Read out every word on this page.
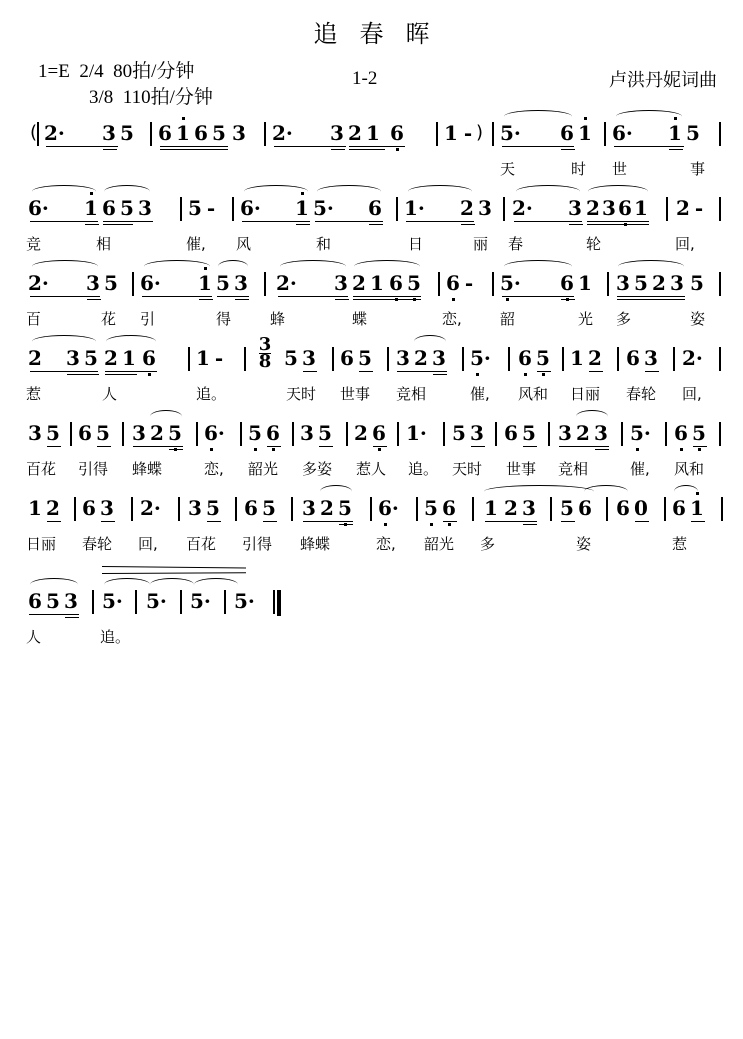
追春晖
1=E  2/4  80拍/分钟
3/8  110拍/分钟
1-2	卢洪丹妮词曲
( 2· 3 5 6 1 6 5 3 2· 3 2 1 6 1 - ) 5· 6 1 6· 1 5
天	时 世	事
6· 1 6 5 3 5 - 6· 1 5· 6 1· 2 3 2· 3 2 3 6 1 2 -
竞	相	催, 风	和	日	丽 春	轮	回,
2· 3 5 6· 1 5 3 2· 3 2 1 6 5 6 - 5· 6 1 3 5 2 3 5
百	花 引	得	蜂	蝶	恋,	韶	光 多	姿
2 3 5 2 1 6 1 -
3
8 5 3 6 5 3 2 3 5· 6 5 1 2 6 3 2·
惹	人	追。	天时 世事 竞相	催, 风和 日丽 春轮 回,
3 5 6 5 3 2 5 6· 5 6 3 5 2 6 1· 5 3 6 5 3 2 3 5· 6 5
百花 引得 蜂蝶	恋, 韶光 多姿 惹人 追。 天时 世事 竞相	催, 风和
1 2 6 3 2· 3 5 6 5 3 2 5 6· 5 6 1 2 3 5 6 6 0 6 1
日丽 春轮 回, 百花 引得 蜂蝶	恋, 韶光 多	姿	惹
6 5 3 5· 5· 5· 5·
人	追。
